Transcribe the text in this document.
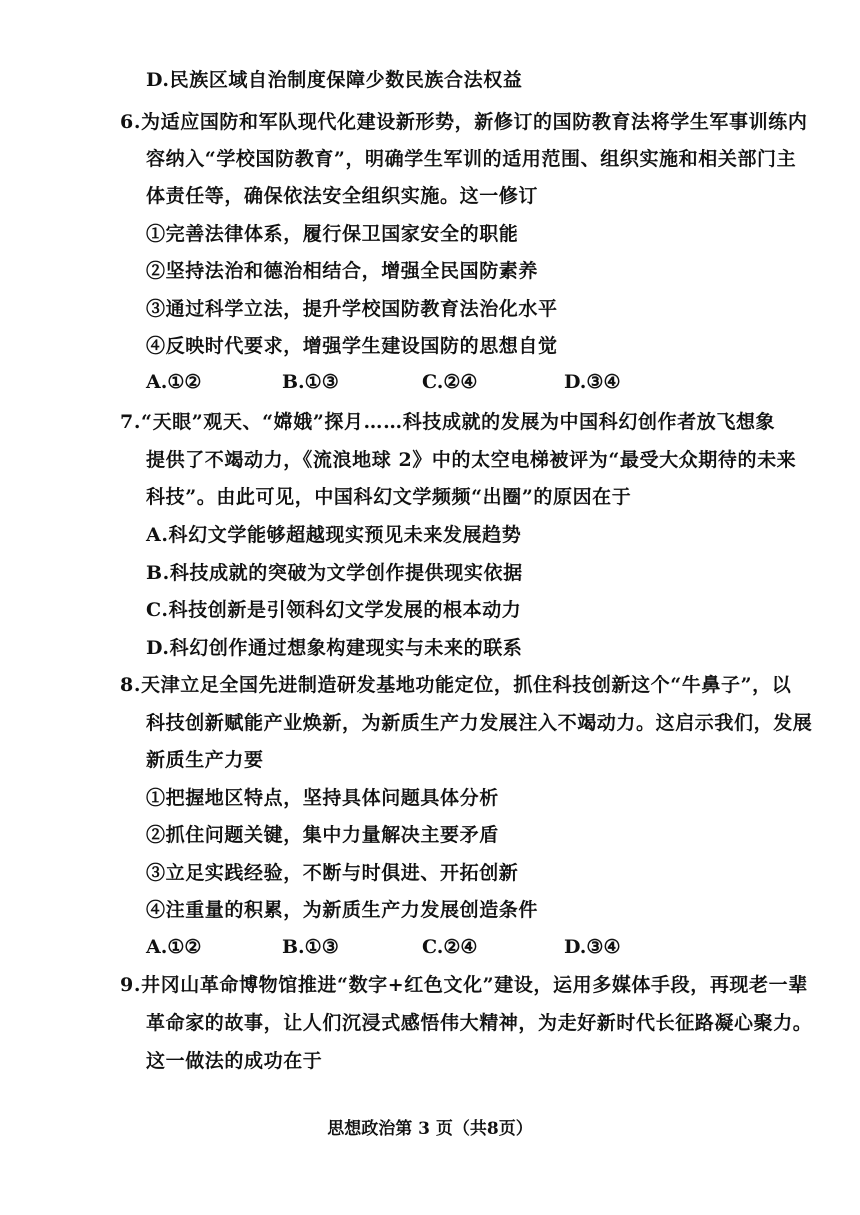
D.民族区域自治制度保障少数民族合法权益
6.为适应国防和军队现代化建设新形势，新修订的国防教育法将学生军事训练内
容纳入“学校国防教育”，明确学生军训的适用范围、组织实施和相关部门主
体责任等，确保依法安全组织实施。这一修订
①完善法律体系，履行保卫国家安全的职能
②坚持法治和德治相结合，增强全民国防素养
③通过科学立法，提升学校国防教育法治化水平
④反映时代要求，增强学生建设国防的思想自觉
A.①②	B.①③	C.②④	D.③④
7.“天眼”观天、“嫦娥”探月……科技成就的发展为中国科幻创作者放飞想象
提供了不竭动力，《流浪地球 2》中的太空电梯被评为“最受大众期待的未来
科技”。由此可见，中国科幻文学频频“出圈”的原因在于
A.科幻文学能够超越现实预见未来发展趋势
B.科技成就的突破为文学创作提供现实依据
C.科技创新是引领科幻文学发展的根本动力
D.科幻创作通过想象构建现实与未来的联系
8.天津立足全国先进制造研发基地功能定位，抓住科技创新这个“牛鼻子”，以
科技创新赋能产业焕新，为新质生产力发展注入不竭动力。这启示我们，发展
新质生产力要
①把握地区特点，坚持具体问题具体分析
②抓住问题关键，集中力量解决主要矛盾
③立足实践经验，不断与时俱进、开拓创新
④注重量的积累，为新质生产力发展创造条件
A.①②	B.①③	C.②④	D.③④
9.井冈山革命博物馆推进“数字+红色文化”建设，运用多媒体手段，再现老一辈
革命家的故事，让人们沉浸式感悟伟大精神，为走好新时代长征路凝心聚力。
这一做法的成功在于
思想政治第 3 页（共8页）
